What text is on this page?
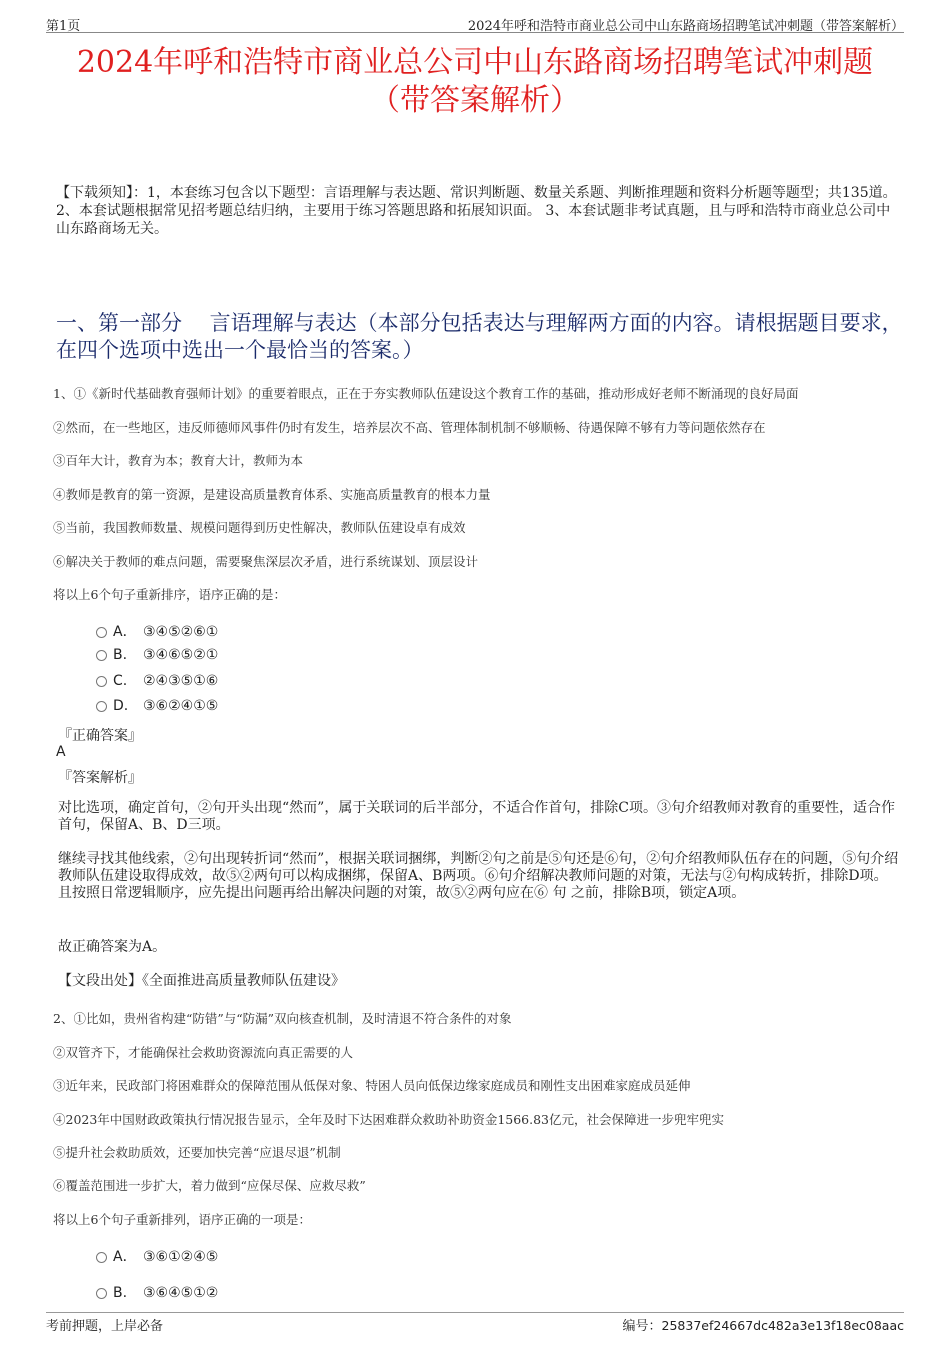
第1页	2024年呼和浩特市商业总公司中山东路商场招聘笔试冲刺题（带答案解析）
2024年呼和浩特市商业总公司中山东路商场招聘笔试冲刺题
（带答案解析）
【下载须知】：1，本套练习包含以下题型：言语理解与表达题、常识判断题、数量关系题、判断推理题和资料分析题等题型；共135道。 2、本套试题根据常见招考题总结归纳，主要用于练习答题思路和拓展知识面。 3、本套试题非考试真题，且与呼和浩特市商业总公司中山东路商场无关。
一、第一部分　 言语理解与表达（本部分包括表达与理解两方面的内容。请根据题目要求，在四个选项中选出一个最恰当的答案。）
1、①《新时代基础教育强师计划》的重要着眼点，正在于夯实教师队伍建设这个教育工作的基础，推动形成好老师不断涌现的良好局面
②然而，在一些地区，违反师德师风事件仍时有发生，培养层次不高、管理体制机制不够顺畅、待遇保障不够有力等问题依然存在
③百年大计，教育为本；教育大计，教师为本
④教师是教育的第一资源，是建设高质量教育体系、实施高质量教育的根本力量
⑤当前，我国教师数量、规模问题得到历史性解决，教师队伍建设卓有成效
⑥解决关于教师的难点问题，需要聚焦深层次矛盾，进行系统谋划、顶层设计
将以上6个句子重新排序，语序正确的是：
A． ③④⑤②⑥①
B. ③④⑥⑤②①
C. ②④③⑤①⑥
D. ③⑥②④①⑤
『正确答案』
A
『答案解析』
对比选项，确定首句，②句开头出现“然而”，属于关联词的后半部分，不适合作首句，排除C项。③句介绍教师对教育的重要性，适合作首句，保留A、B、D三项。
继续寻找其他线索，②句出现转折词“然而”，根据关联词捆绑，判断②句之前是⑤句还是⑥句，②句介绍教师队伍存在的问题，⑤句介绍教师队伍建设取得成效，故⑤②两句可以构成捆绑，保留A、B两项。⑥句介绍解决教师问题的对策，无法与②句构成转折，排除D项。且按照日常逻辑顺序，应先提出问题再给出解决问题的对策，故⑤②两句应在⑥ 句 之前，排除B项，锁定A项。
故正确答案为A。
【文段出处】《全面推进高质量教师队伍建设》
2、①比如，贵州省构建“防错”与“防漏”双向核查机制，及时清退不符合条件的对象
②双管齐下，才能确保社会救助资源流向真正需要的人
③近年来，民政部门将困难群众的保障范围从低保对象、特困人员向低保边缘家庭成员和刚性支出困难家庭成员延伸
④2023年中国财政政策执行情况报告显示，全年及时下达困难群众救助补助资金1566.83亿元，社会保障进一步兜牢兜实
⑤提升社会救助质效，还要加快完善“应退尽退”机制
⑥覆盖范围进一步扩大，着力做到“应保尽保、应救尽救”
将以上6个句子重新排列，语序正确的一项是：
A． ③⑥①②④⑤
B. ③⑥④⑤①②
考前押题，上岸必备	编号：25837ef24667dc482a3e13f18ec08aac
